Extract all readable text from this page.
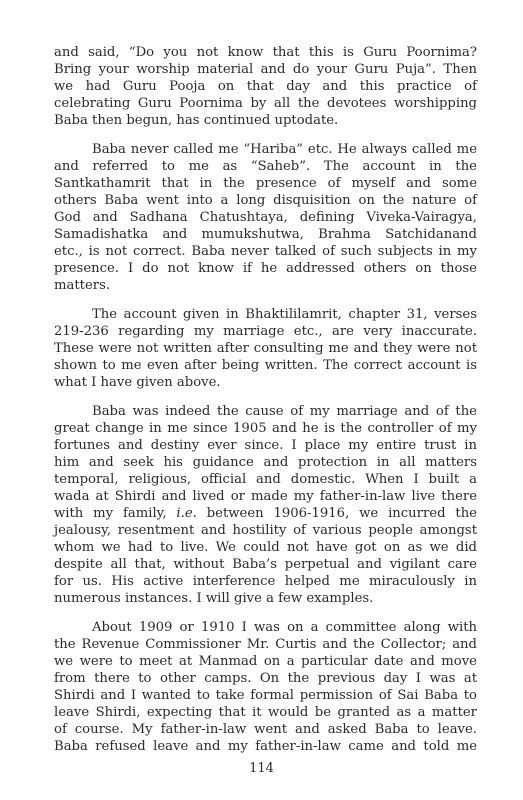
and said, “Do you not know that this is Guru Poornima?
Bring your worship material and do your Guru Puja”. Then
we had Guru Pooja on that day and this practice of
celebrating Guru Poornima by all the devotees worshipping
Baba then begun, has continued uptodate.
Baba never called me “Hariba” etc. He always called me
and referred to me as “Saheb”. The account in the
Santkathamrit that in the presence of myself and some
others Baba went into a long disquisition on the nature of
God and Sadhana Chatushtaya, defining Viveka-Vairagya,
Samadishatka and mumukshutwa, Brahma Satchidanand
etc., is not correct. Baba never talked of such subjects in my
presence. I do not know if he addressed others on those
matters.
The account given in Bhaktililamrit, chapter 31, verses
219-236 regarding my marriage etc., are very inaccurate.
These were not written after consulting me and they were not
shown to me even after being written. The correct account is
what I have given above.
Baba was indeed the cause of my marriage and of the
great change in me since 1905 and he is the controller of my
fortunes and destiny ever since. I place my entire trust in
him and seek his guidance and protection in all matters
temporal, religious, official and domestic. When I built a
wada at Shirdi and lived or made my father-in-law live there
with my family, i.e. between 1906-1916, we incurred the
jealousy, resentment and hostility of various people amongst
whom we had to live. We could not have got on as we did
despite all that, without Baba’s perpetual and vigilant care
for us. His active interference helped me miraculously in
numerous instances. I will give a few examples.
About 1909 or 1910 I was on a committee along with
the Revenue Commissioner Mr. Curtis and the Collector; and
we were to meet at Manmad on a particular date and move
from there to other camps. On the previous day I was at
Shirdi and I wanted to take formal permission of Sai Baba to
leave Shirdi, expecting that it would be granted as a matter
of course. My father-in-law went and asked Baba to leave.
Baba refused leave and my father-in-law came and told me
114
